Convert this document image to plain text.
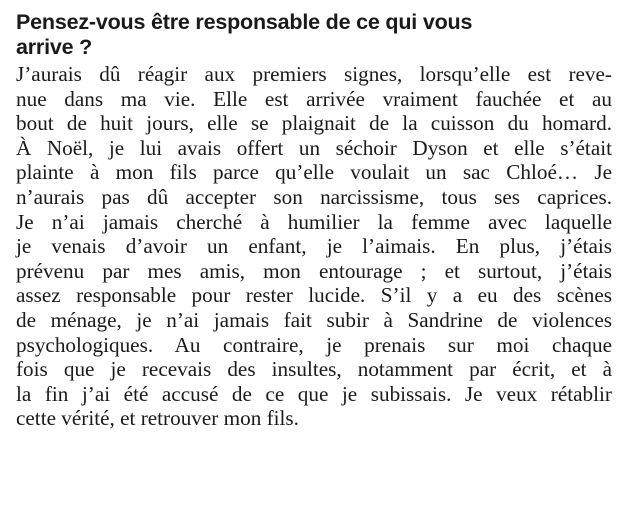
Pensez-vous être responsable de ce qui vous
arrive ?
J’aurais dû réagir aux premiers signes, lorsqu’elle est reve-
nue dans ma vie. Elle est arrivée vraiment fauchée et au
bout de huit jours, elle se plaignait de la cuisson du homard.
À Noël, je lui avais offert un séchoir Dyson et elle s’était
plainte à mon fils parce qu’elle voulait un sac Chloé… Je
n’aurais pas dû accepter son narcissisme, tous ses caprices.
Je n’ai jamais cherché à humilier la femme avec laquelle
je venais d’avoir un enfant, je l’aimais. En plus, j’étais
prévenu par mes amis, mon entourage ; et surtout, j’étais
assez responsable pour rester lucide. S’il y a eu des scènes
de ménage, je n’ai jamais fait subir à Sandrine de violences
psychologiques. Au contraire, je prenais sur moi chaque
fois que je recevais des insultes, notamment par écrit, et à
la fin j’ai été accusé de ce que je subissais. Je veux rétablir
cette vérité, et retrouver mon fils.
